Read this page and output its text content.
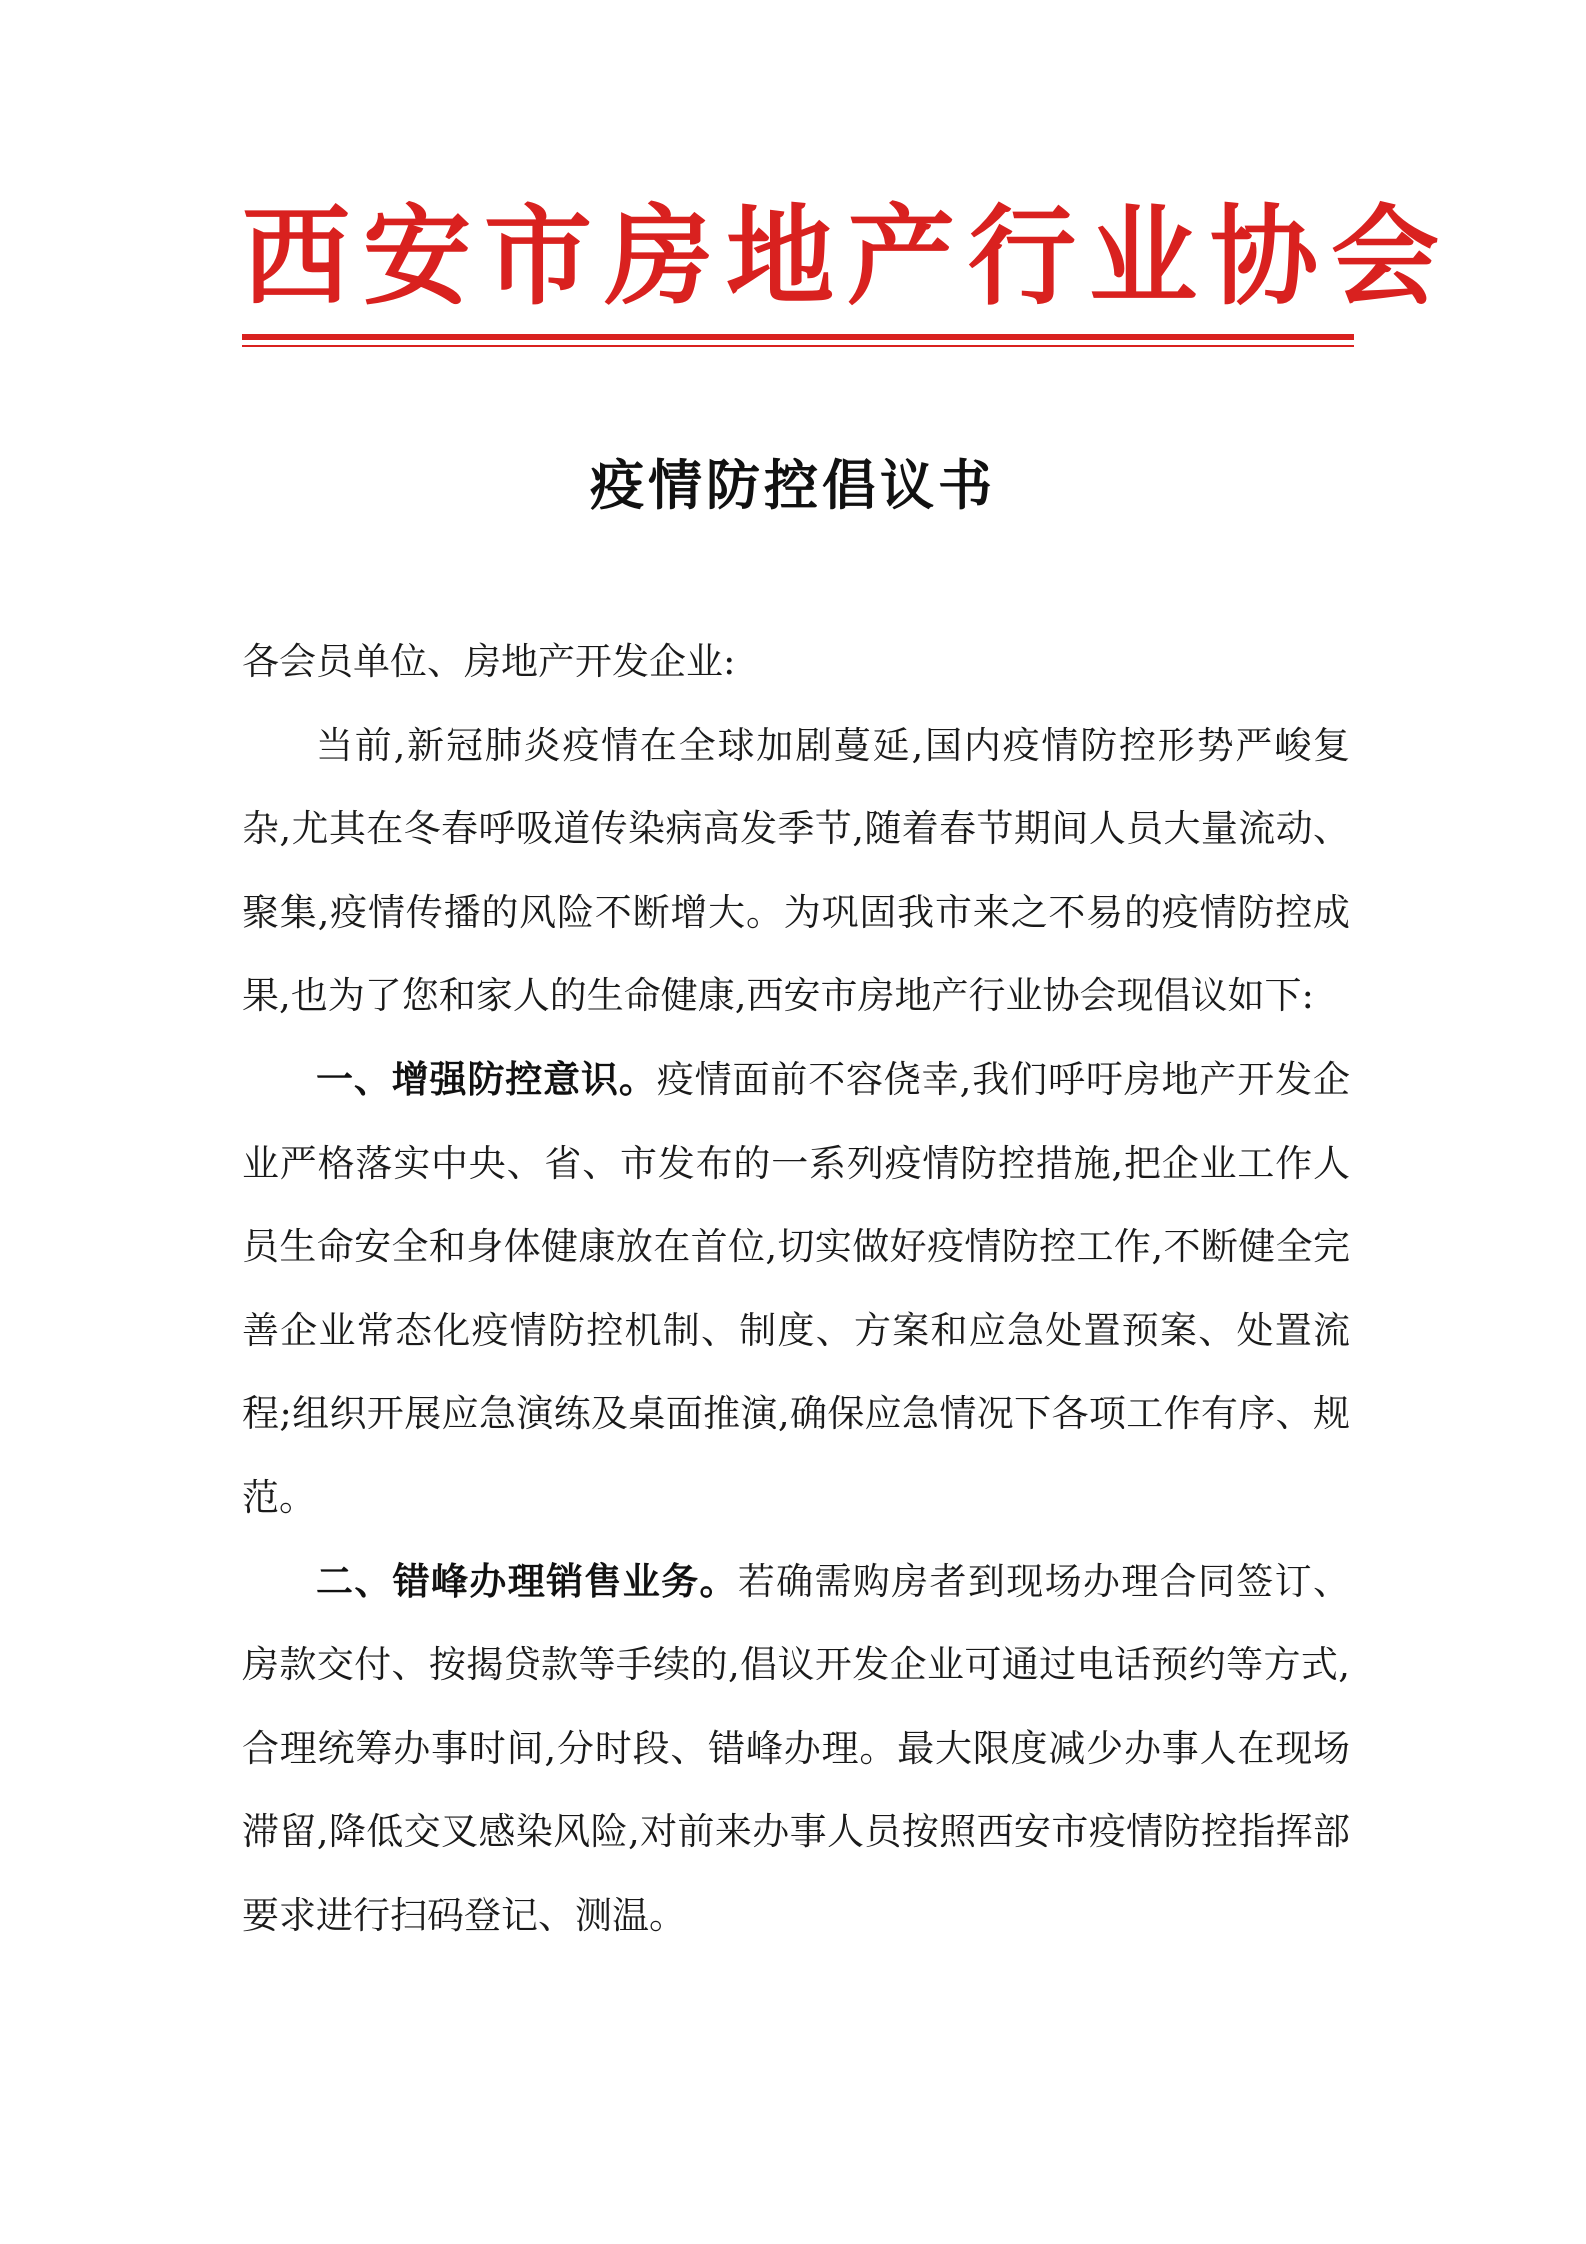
西安市房地产行业协会
疫情防控倡议书

各会员单位、房地产开发企业:

当前,新冠肺炎疫情在全球加剧蔓延,国内疫情防控形势严峻复杂,尤其在冬春呼吸道传染病高发季节,随着春节期间人员大量流动、聚集,疫情传播的风险不断增大。为巩固我市来之不易的疫情防控成果,也为了您和家人的生命健康,西安市房地产行业协会现倡议如下:

一、增强防控意识。疫情面前不容侥幸,我们呼吁房地产开发企业严格落实中央、省、市发布的一系列疫情防控措施,把企业工作人员生命安全和身体健康放在首位,切实做好疫情防控工作,不断健全完善企业常态化疫情防控机制、制度、方案和应急处置预案、处置流程;组织开展应急演练及桌面推演,确保应急情况下各项工作有序、规范。

二、错峰办理销售业务。若确需购房者到现场办理合同签订、房款交付、按揭贷款等手续的,倡议开发企业可通过电话预约等方式,合理统筹办事时间,分时段、错峰办理。最大限度减少办事人在现场滞留,降低交叉感染风险,对前来办事人员按照西安市疫情防控指挥部要求进行扫码登记、测温。
